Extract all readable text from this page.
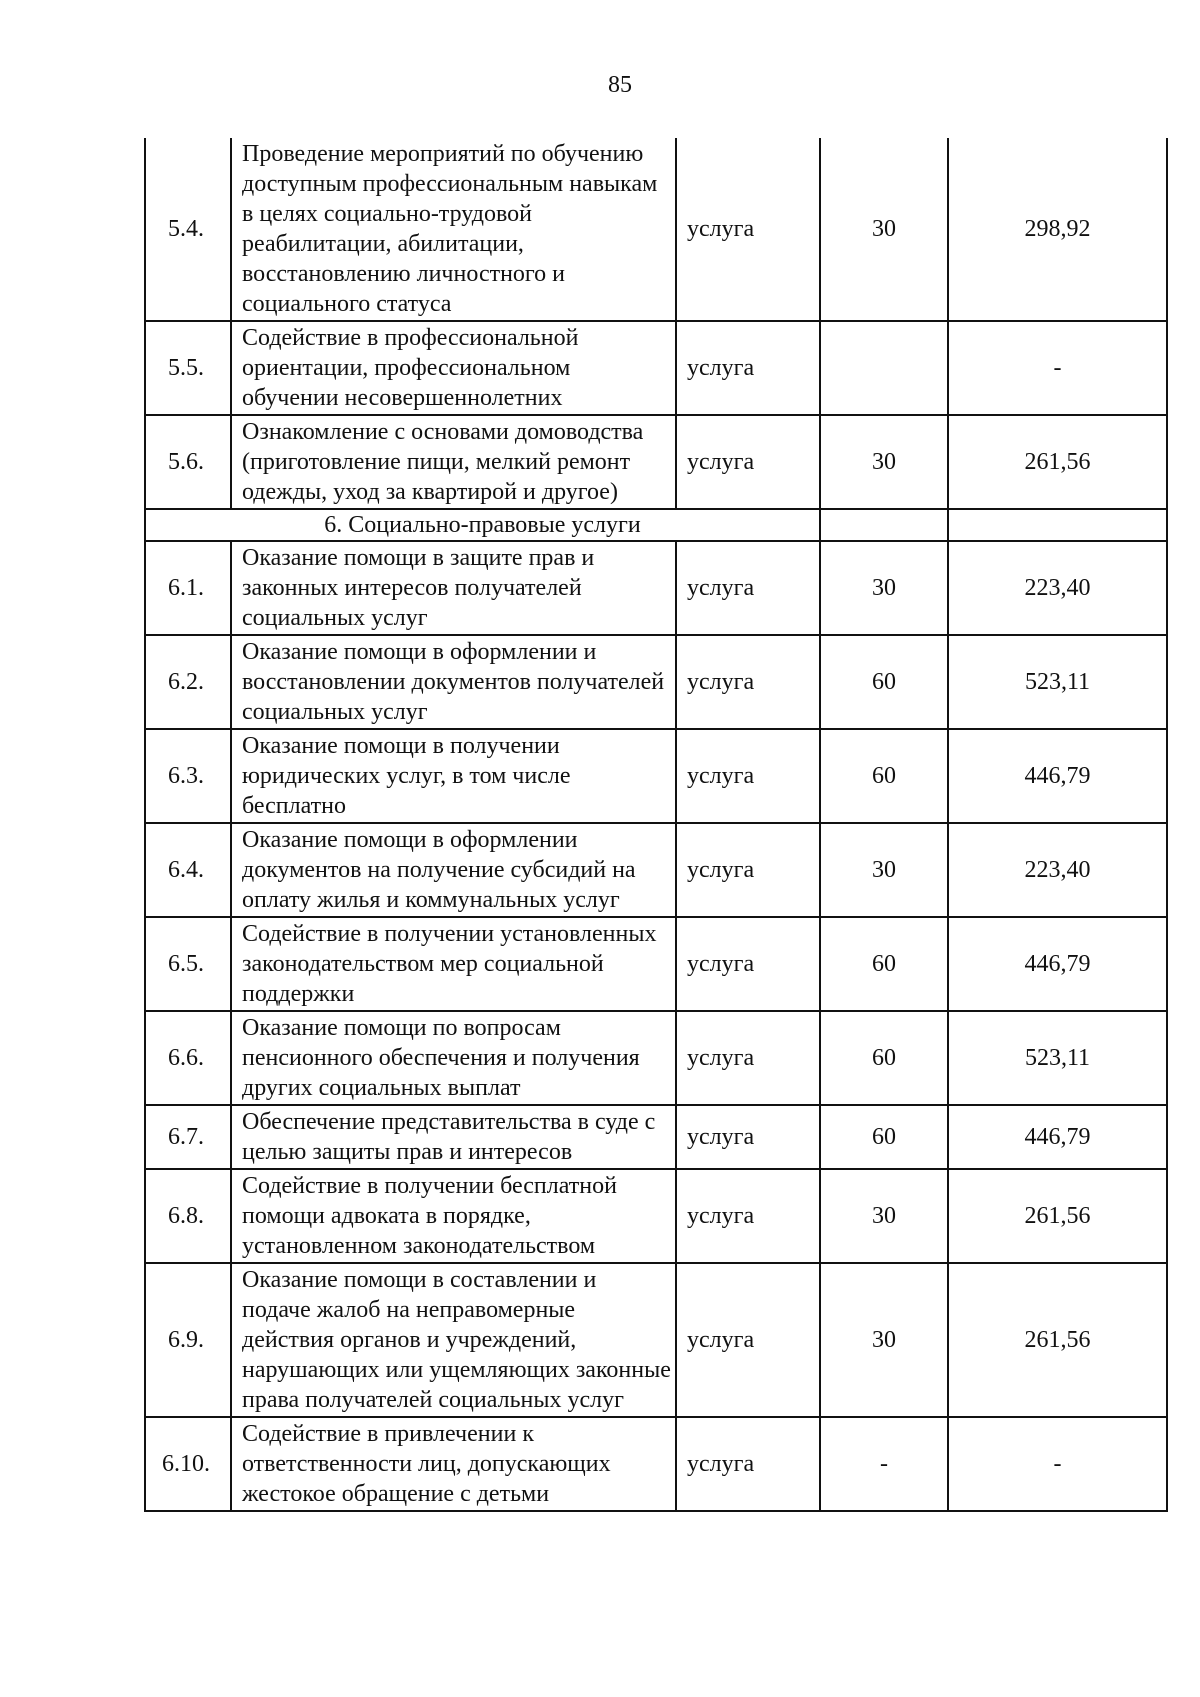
85
5.4.	Проведение мероприятий по обучению доступным профессиональным навыкам в целях социально-трудовой реабилитации, абилитации, восстановлению личностного и социального статуса	услуга	30	298,92
5.5.	Содействие в профессиональной ориентации, профессиональном обучении несовершеннолетних	услуга		-
5.6.	Ознакомление с основами домоводства (приготовление пищи, мелкий ремонт одежды, уход за квартирой и другое)	услуга	30	261,56
6. Социально-правовые услуги				
6.1.	Оказание помощи в защите прав и законных интересов получателей социальных услуг	услуга	30	223,40
6.2.	Оказание помощи в оформлении и восстановлении документов получателей социальных услуг	услуга	60	523,11
6.3.	Оказание помощи в получении юридических услуг, в том числе бесплатно	услуга	60	446,79
6.4.	Оказание помощи в оформлении документов на получение субсидий на оплату жилья и коммунальных услуг	услуга	30	223,40
6.5.	Содействие в получении установленных законодательством мер социальной поддержки	услуга	60	446,79
6.6.	Оказание помощи по вопросам пенсионного обеспечения и получения других социальных выплат	услуга	60	523,11
6.7.	Обеспечение представительства в суде с целью защиты прав и интересов	услуга	60	446,79
6.8.	Содействие в получении бесплатной помощи адвоката в порядке, установленном законодательством	услуга	30	261,56
6.9.	Оказание помощи в составлении и подаче жалоб на неправомерные действия органов и учреждений, нарушающих или ущемляющих законные права получателей социальных услуг	услуга	30	261,56
6.10.	Содействие в привлечении к ответственности лиц, допускающих жестокое обращение с детьми	услуга	-	-
